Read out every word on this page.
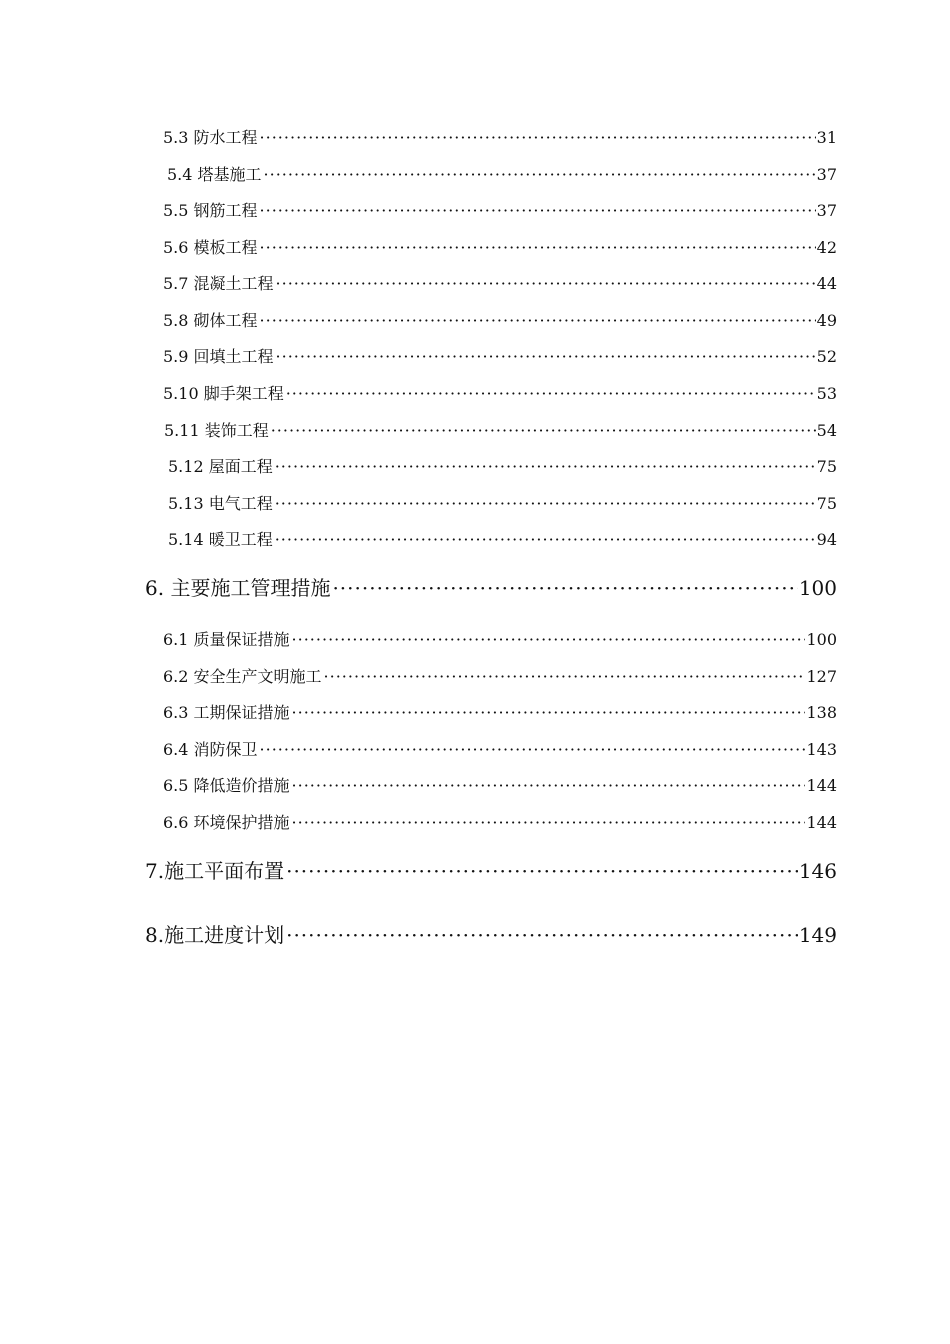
5.3 防水工程 ·····	31
5.4 塔基施工 ·····	37
5.5 钢筋工程 ·····	37
5.6 模板工程 ·····	42
5.7 混凝土工程 ·····	44
5.8 砌体工程 ·····	49
5.9 回填土工程 ·····	52
5.10 脚手架工程 ·····	53
5.11 装饰工程 ·····	54
5.12 屋面工程 ·····	75
5.13 电气工程 ·····	75
5.14 暖卫工程 ·····	94
6. 主要施工管理措施 ·····	100
6.1 质量保证措施 ·····	100
6.2 安全生产文明施工 ·····	127
6.3 工期保证措施 ·····	138
6.4 消防保卫 ·····	143
6.5 降低造价措施 ·····	144
6.6 环境保护措施 ·····	144
7.施工平面布置 ·····	146
8.施工进度计划 ·····	149
